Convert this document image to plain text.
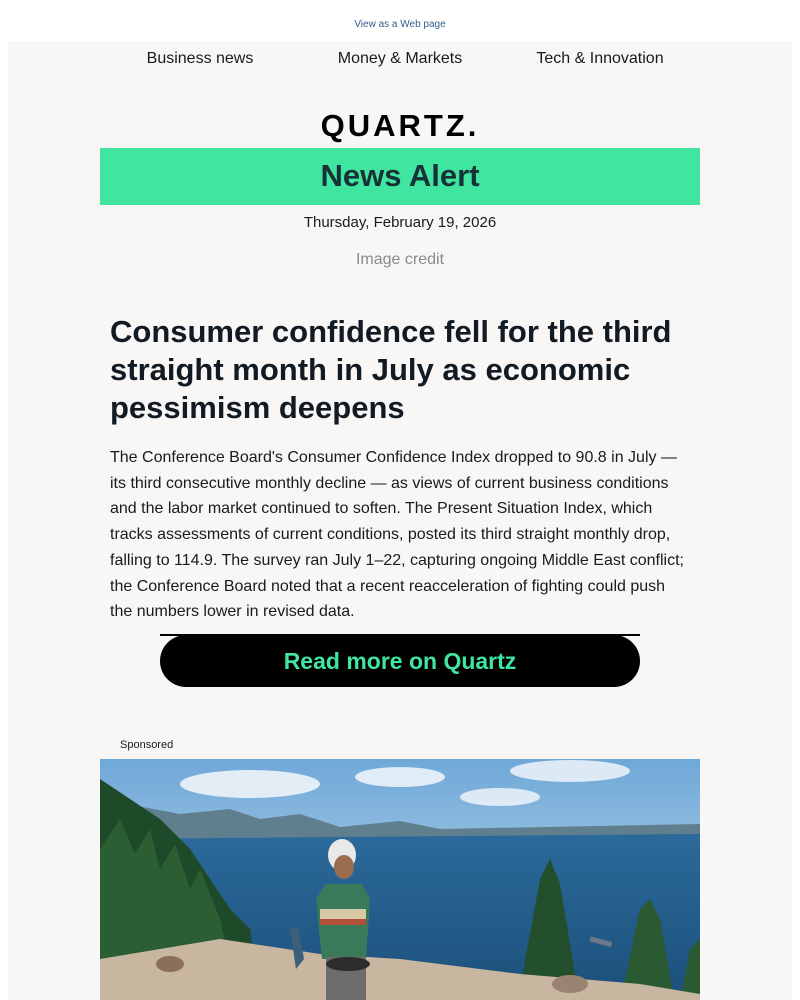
View as a Web page
Business news	Money & Markets	Tech & Innovation
QUARTZ.
News Alert
Thursday, February 19, 2026
Image credit
Consumer confidence fell for the third straight month in July as economic pessimism deepens

The Conference Board's Consumer Confidence Index dropped to 90.8 in July — its third consecutive monthly decline — as views of current business conditions and the labor market continued to soften. The Present Situation Index, which tracks assessments of current conditions, posted its third straight monthly drop, falling to 114.9. The survey ran July 1–22, capturing ongoing Middle East conflict; the Conference Board noted that a recent reacceleration of fighting could push the numbers lower in revised data.

Read more on Quartz
Sponsored
